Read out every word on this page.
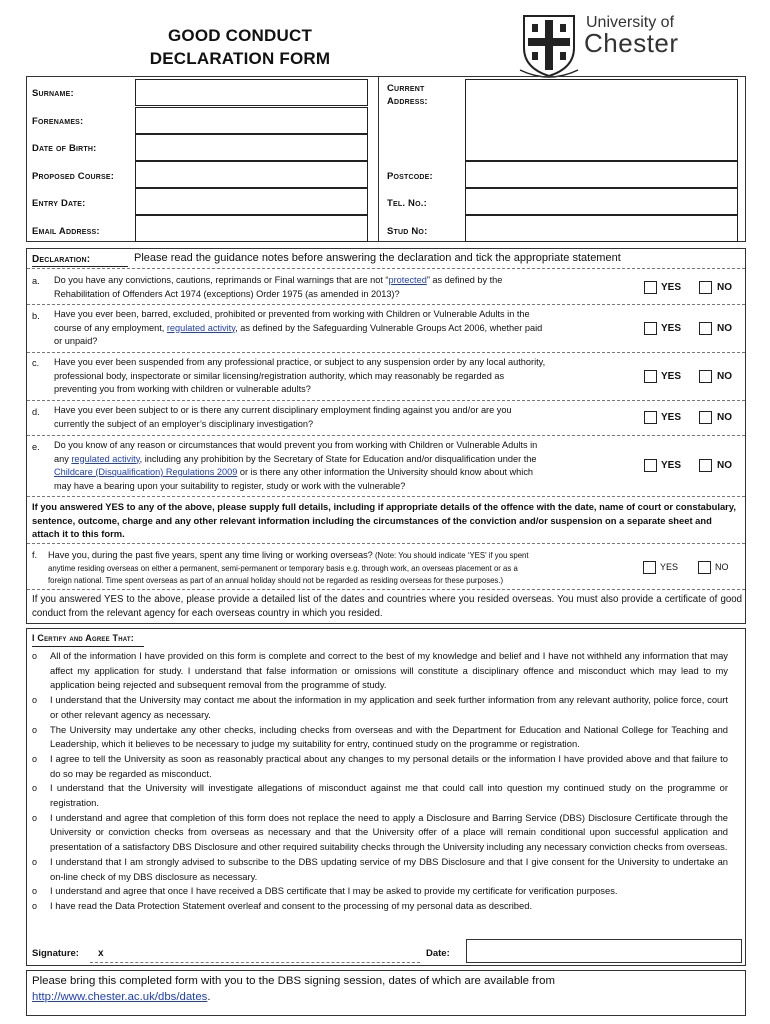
GOOD CONDUCT
DECLARATION FORM
University of
Chester
Surname:
Forenames:
Date of Birth:
Proposed Course:
Entry Date:
Email Address:
Current
Address:
Postcode:
Tel. No.:
Stud No:
Declaration:	Please read the guidance notes before answering the declaration and tick the appropriate statement
a. Do you have any convictions, cautions, reprimands or Final warnings that are not “protected” as defined by the
Rehabilitation of Offenders Act 1974 (exceptions) Order 1975 (as amended in 2013)?
YES	NO
b. Have you ever been, barred, excluded, prohibited or prevented from working with Children or Vulnerable Adults in the
course of any employment, regulated activity, as defined by the Safeguarding Vulnerable Groups Act 2006, whether paid
or unpaid?
YES	NO
c. Have you ever been suspended from any professional practice, or subject to any suspension order by any local authority,
professional body, inspectorate or similar licensing/registration authority, which may reasonably be regarded as
preventing you from working with children or vulnerable adults?
YES	NO
d. Have you ever been subject to or is there any current disciplinary employment finding against you and/or are you
currently the subject of an employer’s disciplinary investigation?
YES	NO
e. Do you know of any reason or circumstances that would prevent you from working with Children or Vulnerable Adults in
any regulated activity, including any prohibition by the Secretary of State for Education and/or disqualification under the
Childcare (Disqualification) Regulations 2009 or is there any other information the University should know about which
may have a bearing upon your suitability to register, study or work with the vulnerable?
YES	NO
If you answered YES to any of the above, please supply full details, including if appropriate details of the offence with the date, name of court or constabulary, sentence, outcome, charge and any other relevant information including the circumstances of the conviction and/or suspension on a separate sheet and attach it to this form.
f. Have you, during the past five years, spent any time living or working overseas? (Note: You should indicate ‘YES’ if you spent
anytime residing overseas on either a permanent, semi-permanent or temporary basis e.g. through work, an overseas placement or as a
foreign national. Time spent overseas as part of an annual holiday should not be regarded as residing overseas for these purposes.)
YES	NO
If you answered YES to the above, please provide a detailed list of the dates and countries where you resided overseas. You must also provide a certificate of good conduct from the relevant agency for each overseas country in which you resided.
I Certify and Agree That:
o	All of the information I have provided on this form is complete and correct to the best of my knowledge and belief and I have not withheld any information that may affect my application for study. I understand that false information or omissions will constitute a disciplinary offence and misconduct which may lead to my application being rejected and subsequent removal from the programme of study.
o	I understand that the University may contact me about the information in my application and seek further information from any relevant authority, police force, court or other relevant agency as necessary.
o	The University may undertake any other checks, including checks from overseas and with the Department for Education and National College for Teaching and Leadership, which it believes to be necessary to judge my suitability for entry, continued study on the programme or registration.
o	I agree to tell the University as soon as reasonably practical about any changes to my personal details or the information I have provided above and that failure to do so may be regarded as misconduct.
o	I understand that the University will investigate allegations of misconduct against me that could call into question my continued study on the programme or registration.
o	I understand and agree that completion of this form does not replace the need to apply a Disclosure and Barring Service (DBS) Disclosure Certificate through the University or conviction checks from overseas as necessary and that the University offer of a place will remain conditional upon successful application and presentation of a satisfactory DBS Disclosure and other required suitability checks through the University including any necessary conviction checks from overseas.
o	I understand that I am strongly advised to subscribe to the DBS updating service of my DBS Disclosure and that I give consent for the University to undertake an on-line check of my DBS disclosure as necessary.
o	I understand and agree that once I have received a DBS certificate that I may be asked to provide my certificate for verification purposes.
o	I have read the Data Protection Statement overleaf and consent to the processing of my personal data as described.
Signature: x	Date:
Please bring this completed form with you to the DBS signing session, dates of which are available from
http://www.chester.ac.uk/dbs/dates.
